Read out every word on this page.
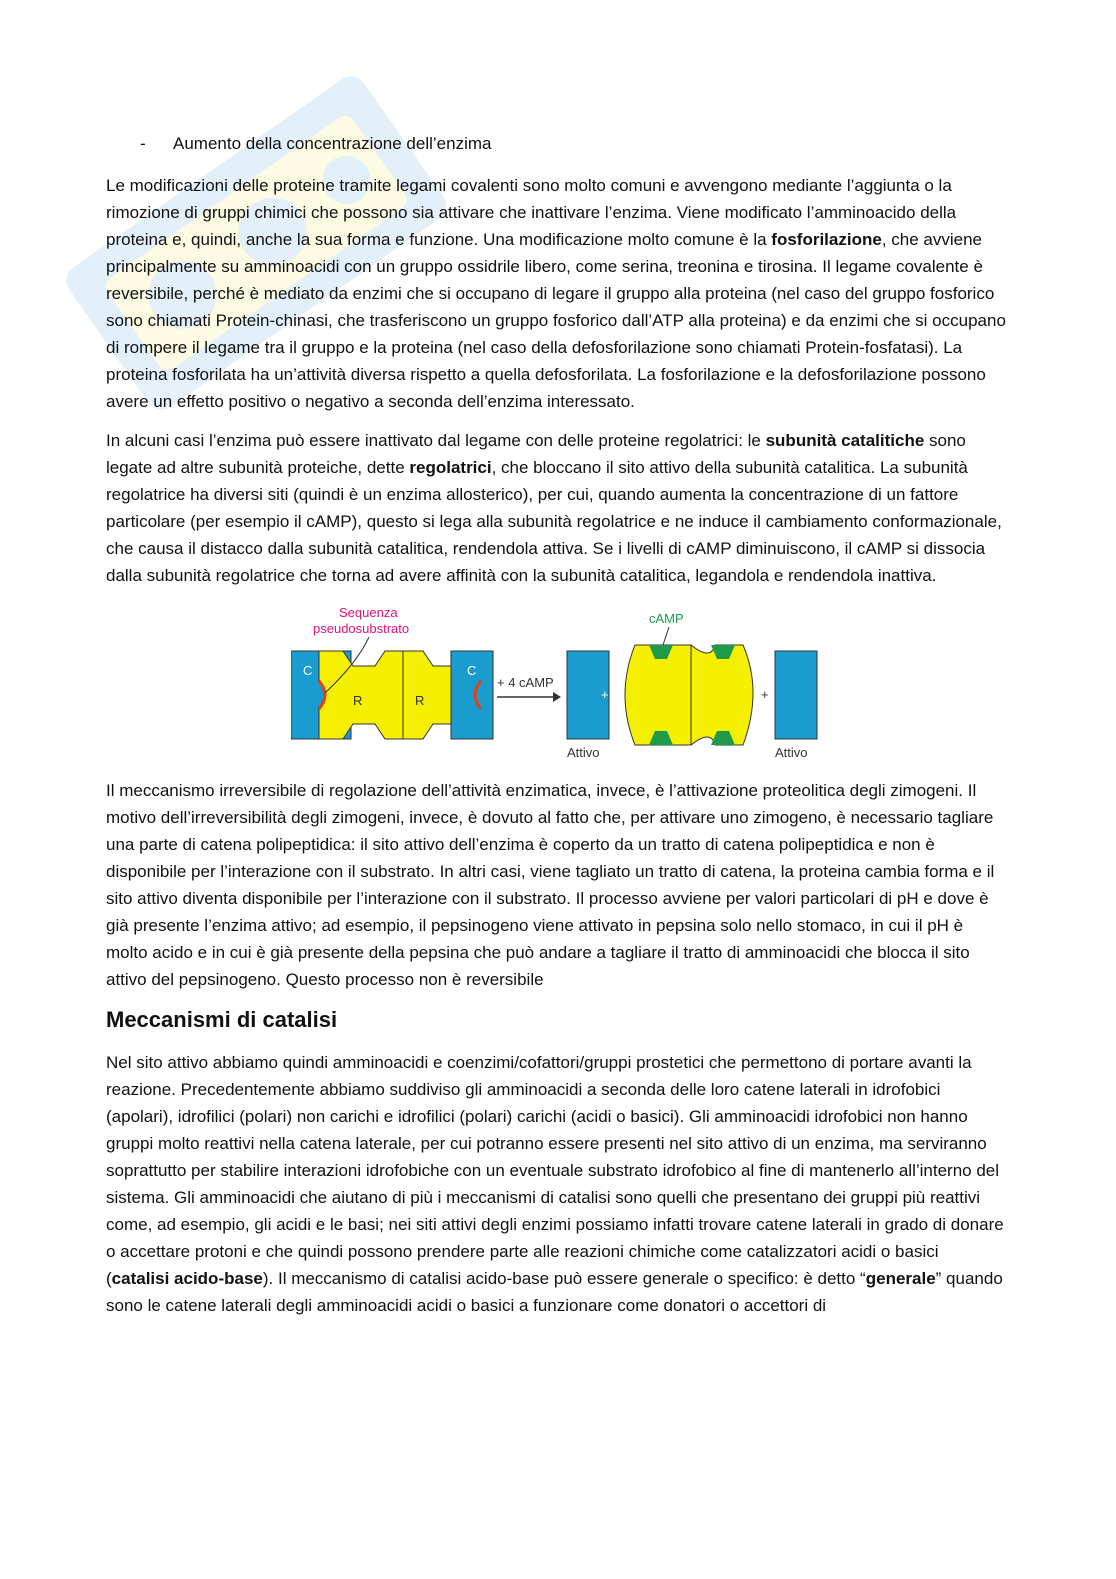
-	Aumento della concentrazione dell’enzima

Le modificazioni delle proteine tramite legami covalenti sono molto comuni e avvengono mediante l’aggiunta o la rimozione di gruppi chimici che possono sia attivare che inattivare l’enzima. Viene modificato l’amminoacido della proteina e, quindi, anche la sua forma e funzione. Una modificazione molto comune è la fosforilazione, che avviene principalmente su amminoacidi con un gruppo ossidrile libero, come serina, treonina e tirosina. Il legame covalente è reversibile, perché è mediato da enzimi che si occupano di legare il gruppo alla proteina (nel caso del gruppo fosforico sono chiamati Protein-chinasi, che trasferiscono un gruppo fosforico dall’ATP alla proteina) e da enzimi che si occupano di rompere il legame tra il gruppo e la proteina (nel caso della defosforilazione sono chiamati Protein-fosfatasi). La proteina fosforilata ha un’attività diversa rispetto a quella defosforilata. La fosforilazione e la defosforilazione possono avere un effetto positivo o negativo a seconda dell’enzima interessato.

In alcuni casi l’enzima può essere inattivato dal legame con delle proteine regolatrici: le subunità catalitiche sono legate ad altre subunità proteiche, dette regolatrici, che bloccano il sito attivo della subunità catalitica. La subunità regolatrice ha diversi siti (quindi è un enzima allosterico), per cui, quando aumenta la concentrazione di un fattore particolare (per esempio il cAMP), questo si lega alla subunità regolatrice e ne induce il cambiamento conformazionale, che causa il distacco dalla subunità catalitica, rendendola attiva. Se i livelli di cAMP diminuiscono, il cAMP si dissocia dalla subunità regolatrice che torna ad avere affinità con la subunità catalitica, legandola e rendendola inattiva.

C
R	R
C
Sequenza
pseudosubstrato
+ 4 cAMP
+
cAMP
+
Attivo	Attivo

Il meccanismo irreversibile di regolazione dell’attività enzimatica, invece, è l’attivazione proteolitica degli zimogeni. Il motivo dell’irreversibilità degli zimogeni, invece, è dovuto al fatto che, per attivare uno zimogeno, è necessario tagliare una parte di catena polipeptidica: il sito attivo dell’enzima è coperto da un tratto di catena polipeptidica e non è disponibile per l’interazione con il substrato. In altri casi, viene tagliato un tratto di catena, la proteina cambia forma e il sito attivo diventa disponibile per l’interazione con il substrato. Il processo avviene per valori particolari di pH e dove è già presente l’enzima attivo; ad esempio, il pepsinogeno viene attivato in pepsina solo nello stomaco, in cui il pH è molto acido e in cui è già presente della pepsina che può andare a tagliare il tratto di amminoacidi che blocca il sito attivo del pepsinogeno. Questo processo non è reversibile

Meccanismi di catalisi

Nel sito attivo abbiamo quindi amminoacidi e coenzimi/cofattori/gruppi prostetici che permettono di portare avanti la reazione. Precedentemente abbiamo suddiviso gli amminoacidi a seconda delle loro catene laterali in idrofobici (apolari), idrofilici (polari) non carichi e idrofilici (polari) carichi (acidi o basici). Gli amminoacidi idrofobici non hanno gruppi molto reattivi nella catena laterale, per cui potranno essere presenti nel sito attivo di un enzima, ma serviranno soprattutto per stabilire interazioni idrofobiche con un eventuale substrato idrofobico al fine di mantenerlo all’interno del sistema. Gli amminoacidi che aiutano di più i meccanismi di catalisi sono quelli che presentano dei gruppi più reattivi come, ad esempio, gli acidi e le basi; nei siti attivi degli enzimi possiamo infatti trovare catene laterali in grado di donare o accettare protoni e che quindi possono prendere parte alle reazioni chimiche come catalizzatori acidi o basici (catalisi acido-base). Il meccanismo di catalisi acido-base può essere generale o specifico: è detto “generale” quando sono le catene laterali degli amminoacidi acidi o basici a funzionare come donatori o accettori di
